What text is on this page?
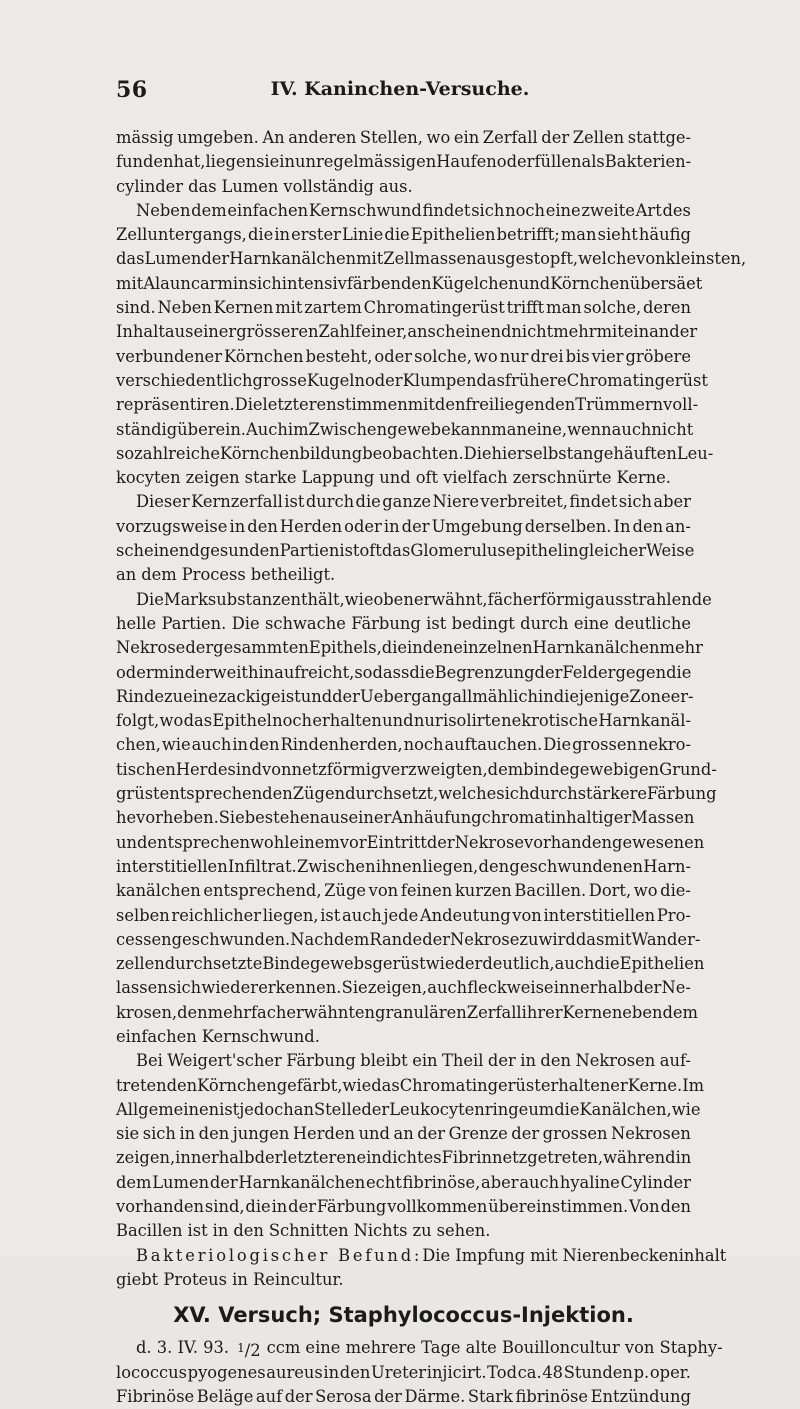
56	IV. Kaninchen-Versuche.
mässig umgeben. An anderen Stellen, wo ein Zerfall der Zellen stattge-
funden hat, liegen sie in unregelmässigen Haufen oder füllen als Bakterien-
cylinder das Lumen vollständig aus.
Neben dem einfachen Kernschwund findet sich noch eine zweite Art des
Zelluntergangs, die in erster Linie die Epithelien betrifft; man sieht häufig
das Lumen der Harnkanälchen mit Zellmassen ausgestopft, welche von kleinsten,
mit Alauncarmin sich intensiv färbenden Kügelchen und Körnchen übersäet
sind. Neben Kernen mit zartem Chromatingerüst trifft man solche, deren
Inhalt aus einer grösseren Zahl feiner, anscheinend nicht mehr mit einander
verbundener Körnchen besteht, oder solche, wo nur drei bis vier gröbere
verschiedentlich grosse Kugeln oder Klumpen das frühere Chromatingerüst
repräsentiren. Die letzteren stimmen mit den frei liegenden Trümmern voll-
ständig überein. Auch im Zwischengewebe kann man eine, wenn auch nicht
so zahlreiche Körnchenbildung beobachten. Die hierselbst angehäuften Leu-
kocyten zeigen starke Lappung und oft vielfach zerschnürte Kerne.
Dieser Kernzerfall ist durch die ganze Niere verbreitet, findet sich aber
vorzugsweise in den Herden oder in der Umgebung derselben. In den an-
scheinend gesunden Partien ist oft das Glomerulusepithel in gleicher Weise
an dem Process betheiligt.
Die Marksubstanz enthält, wie oben erwähnt, fächerförmig ausstrahlende
helle Partien. Die schwache Färbung ist bedingt durch eine deutliche
Nekrose der gesammten Epithels, die in den einzelnen Harnkanälchen mehr
oder minder weit hinaufreicht, so dass die Begrenzung der Felder gegen die
Rinde zu eine zackige ist und der Uebergang allmählich in diejenige Zone er-
folgt, wo das Epithel noch erhalten und nur isolirte nekrotische Harnkanäl-
chen, wie auch in den Rindenherden, noch auftauchen. Die grossen nekro-
tischen Herde sind von netzförmig verzweigten, dem bindegewebigen Grund-
grüst entsprechenden Zügen durchsetzt, welche sich durch stärkere Färbung
hevorheben. Sie bestehen aus einer Anhäufung chromatinhaltiger Massen
und entsprechen wohl einem vor Eintritt der Nekrose vorhanden gewesenen
interstitiellen Infiltrat. Zwischen ihnen liegen, den geschwundenen Harn-
kanälchen entsprechend, Züge von feinen kurzen Bacillen. Dort, wo die-
selben reichlicher liegen, ist auch jede Andeutung von interstitiellen Pro-
cessen geschwunden. Nach dem Rande der Nekrose zu wird das mit Wander-
zellen durchsetzte Bindegewebsgerüst wieder deutlich, auch die Epithelien
lassen sich wieder erkennen. Sie zeigen, auch fleckweise innerhalb der Ne-
krosen, den mehrfach erwähnten granulären Zerfall ihrer Kerne neben dem
einfachen Kernschwund.
Bei Weigert'scher Färbung bleibt ein Theil der in den Nekrosen auf-
tretenden Körnchen gefärbt, wie das Chromatingerüst erhaltener Kerne. Im
Allgemeinen ist jedoch an Stelle der Leukocytenringe um die Kanälchen, wie
sie sich in den jungen Herden und an der Grenze der grossen Nekrosen
zeigen, innerhalb der letzteren ein dichtes Fibrinnetz getreten, während in
dem Lumen der Harnkanälchen echt fibrinöse, aber auch hyaline Cylinder
vorhanden sind, die in der Färbung vollkommen übereinstimmen. Von den
Bacillen ist in den Schnitten Nichts zu sehen.
Bakteriologischer Befund: Die Impfung mit Nierenbeckeninhalt
giebt Proteus in Reincultur.
XV. Versuch; Staphylococcus-Injektion.
d. 3. IV. 93. 1/2 ccm eine mehrere Tage alte Bouilloncultur von Staphy-
lococcus pyogenes aureus in den Ureter injicirt. Tod ca. 48 Stunden p. oper.
Fibrinöse Beläge auf der Serosa der Därme. Stark fibrinöse Entzündung
